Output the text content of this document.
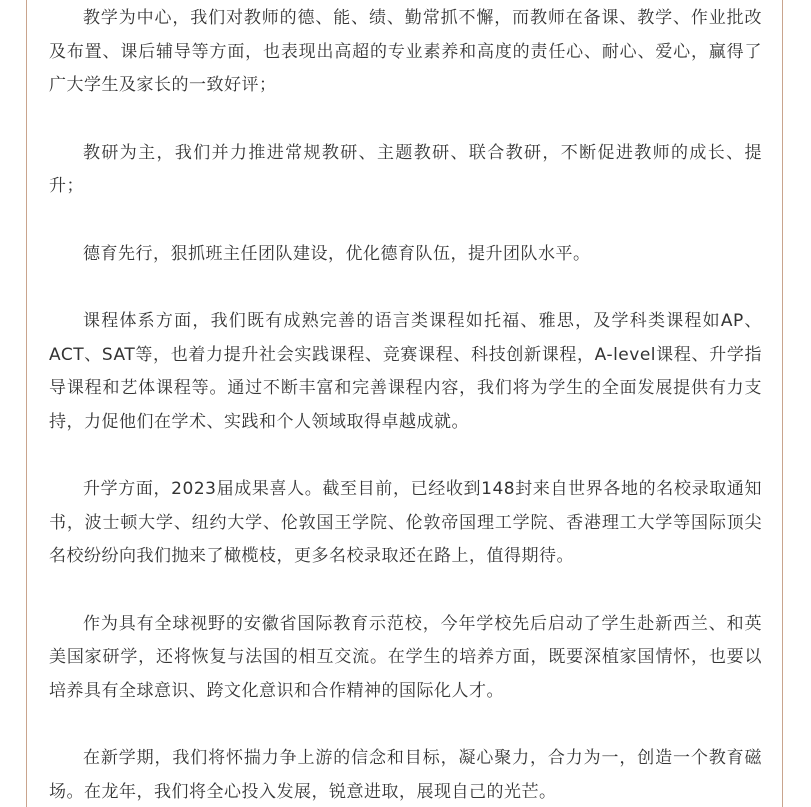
教学为中心，我们对教师的德、能、绩、勤常抓不懈，而教师在备课、教学、作业批改及布置、课后辅导等方面，也表现出高超的专业素养和高度的责任心、耐心、爱心，赢得了广大学生及家长的一致好评；

教研为主，我们并力推进常规教研、主题教研、联合教研，不断促进教师的成长、提升；

德育先行，狠抓班主任团队建设，优化德育队伍，提升团队水平。

课程体系方面，我们既有成熟完善的语言类课程如托福、雅思，及学科类课程如AP、ACT、SAT等，也着力提升社会实践课程、竞赛课程、科技创新课程，A-level课程、升学指导课程和艺体课程等。通过不断丰富和完善课程内容，我们将为学生的全面发展提供有力支持，力促他们在学术、实践和个人领域取得卓越成就。

升学方面，2023届成果喜人。截至目前，已经收到148封来自世界各地的名校录取通知书，波士顿大学、纽约大学、伦敦国王学院、伦敦帝国理工学院、香港理工大学等国际顶尖名校纷纷向我们抛来了橄榄枝，更多名校录取还在路上，值得期待。

作为具有全球视野的安徽省国际教育示范校，今年学校先后启动了学生赴新西兰、和英美国家研学，还将恢复与法国的相互交流。在学生的培养方面，既要深植家国情怀，也要以培养具有全球意识、跨文化意识和合作精神的国际化人才。

在新学期，我们将怀揣力争上游的信念和目标，凝心聚力，合力为一，创造一个教育磁场。在龙年，我们将全心投入发展，锐意进取，展现自己的光芒。
